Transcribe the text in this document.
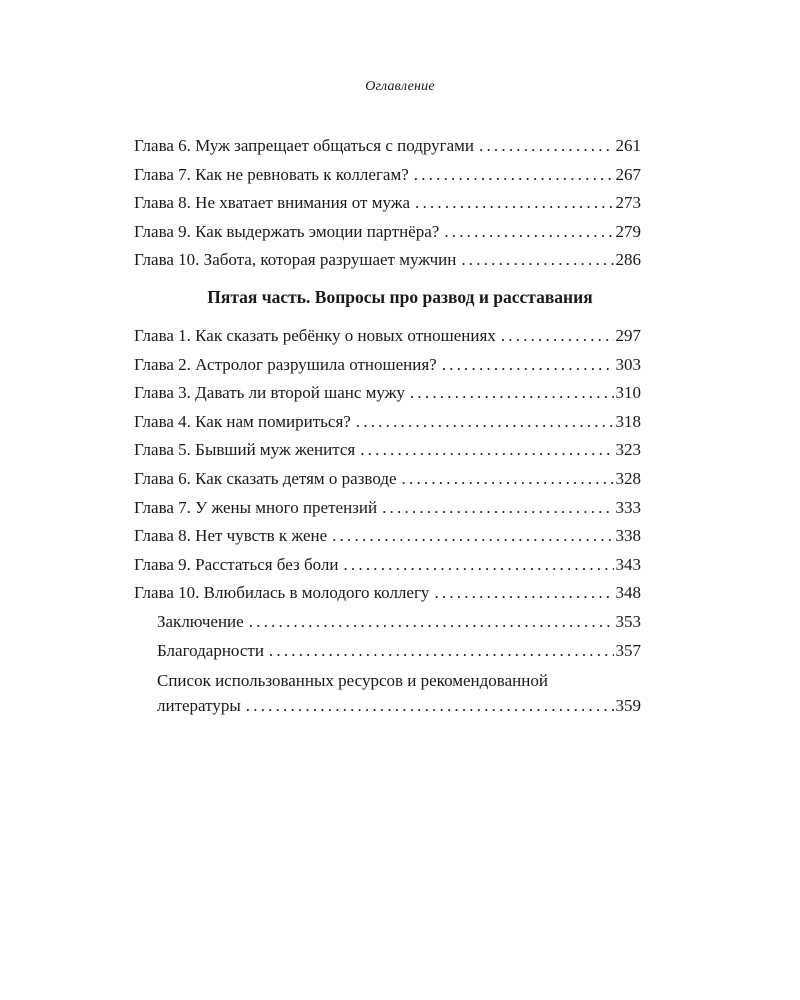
Оглавление
Глава 6. Муж запрещает общаться с подругами .....	261
Глава 7. Как не ревновать к коллегам? .....	267
Глава 8. Не хватает внимания от мужа .....	273
Глава 9. Как выдержать эмоции партнёра? .....	279
Глава 10. Забота, которая разрушает мужчин .....	286
Пятая часть. Вопросы про развод и расставания
Глава 1. Как сказать ребёнку о новых отношениях .....	297
Глава 2. Астролог разрушила отношения? .....	303
Глава 3. Давать ли второй шанс мужу .....	310
Глава 4. Как нам помириться? .....	318
Глава 5. Бывший муж женится .....	323
Глава 6. Как сказать детям о разводе .....	328
Глава 7. У жены много претензий .....	333
Глава 8. Нет чувств к жене .....	338
Глава 9. Расстаться без боли .....	343
Глава 10. Влюбилась в молодого коллегу .....	348
Заключение .....	353
Благодарности .....	357
Список использованных ресурсов и рекомендованной
литературы .....	359
